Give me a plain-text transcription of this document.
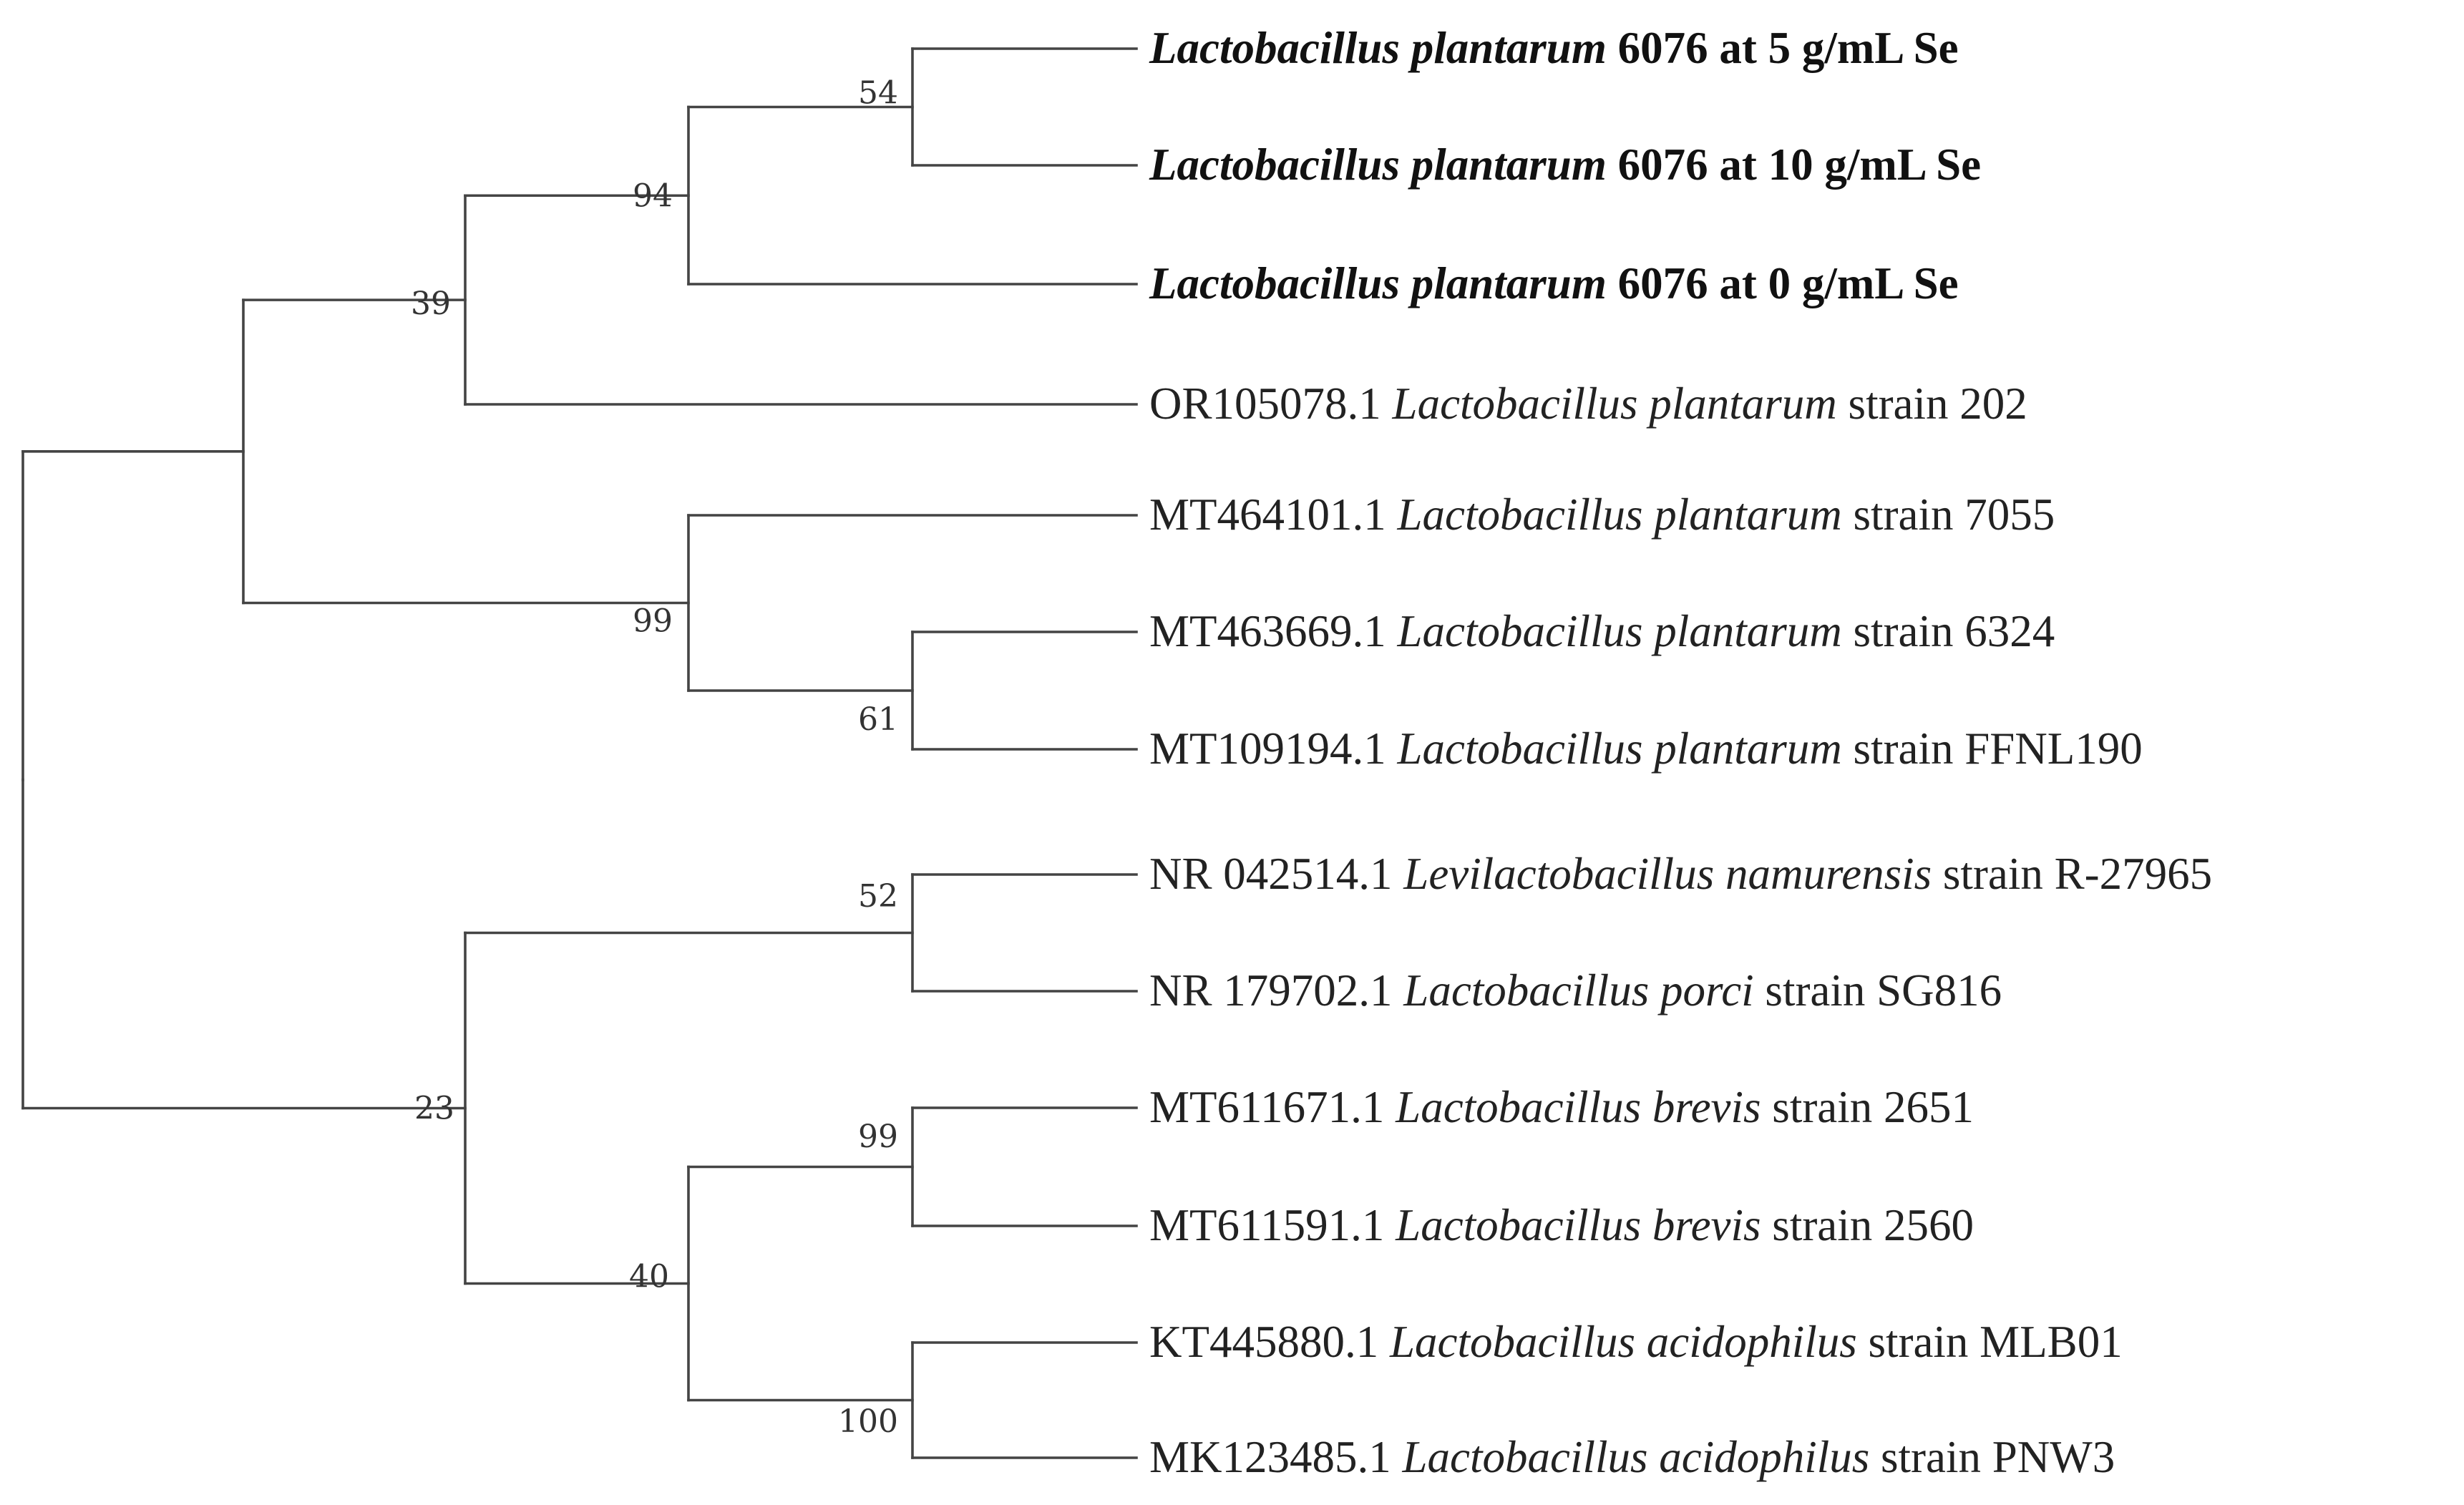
Lactobacillus plantarum 6076 at 5 g/mL Se
Lactobacillus plantarum 6076 at 10 g/mL Se
Lactobacillus plantarum 6076 at 0 g/mL Se
OR105078.1 Lactobacillus plantarum strain 202
MT464101.1 Lactobacillus plantarum strain 7055
MT463669.1 Lactobacillus plantarum strain 6324
MT109194.1 Lactobacillus plantarum strain FFNL190
NR 042514.1 Levilactobacillus namurensis strain R-27965
NR 179702.1 Lactobacillus porci strain SG816
MT611671.1 Lactobacillus brevis strain 2651
MT611591.1 Lactobacillus brevis strain 2560
KT445880.1 Lactobacillus acidophilus strain MLB01
MK123485.1 Lactobacillus acidophilus strain PNW3
54
94
39
61
99
52
99
100
40
23
